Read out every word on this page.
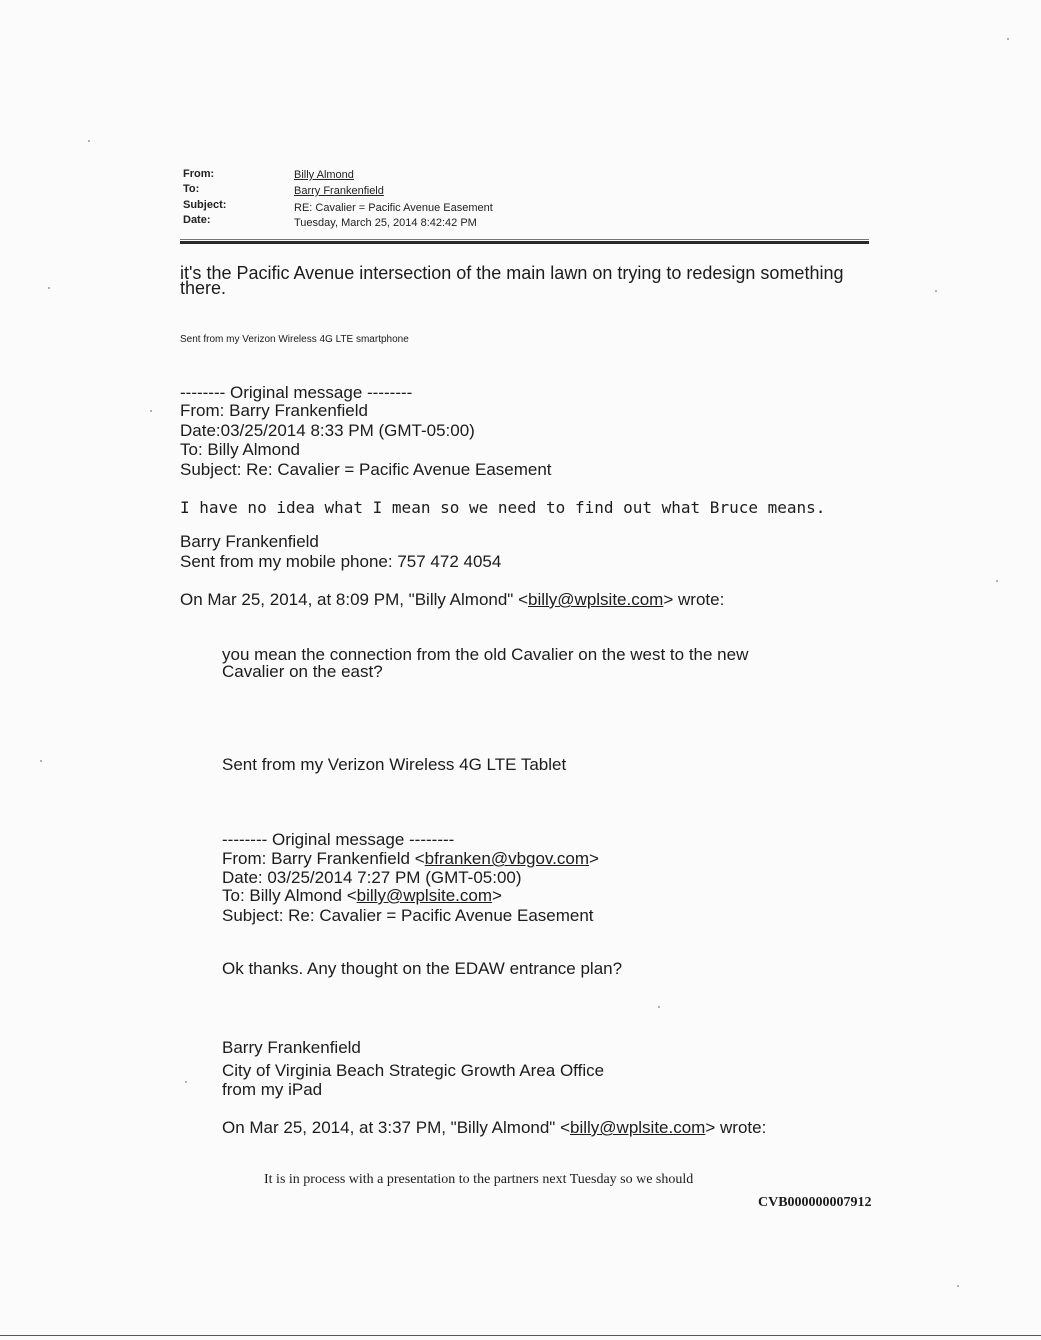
From:	Billy Almond
To:	Barry Frankenfield
Subject:	RE: Cavalier = Pacific Avenue Easement
Date:	Tuesday, March 25, 2014 8:42:42 PM
it's the Pacific Avenue intersection of the main lawn on trying to redesign something
there.
Sent from my Verizon Wireless 4G LTE smartphone
-------- Original message --------
From: Barry Frankenfield
Date:03/25/2014 8:33 PM (GMT-05:00)
To: Billy Almond
Subject: Re: Cavalier = Pacific Avenue Easement
I have no idea what I mean so we need to find out what Bruce means.
Barry Frankenfield
Sent from my mobile phone: 757 472 4054
On Mar 25, 2014, at 8:09 PM, "Billy Almond" <billy@wplsite.com> wrote:
you mean the connection from the old Cavalier on the west to the new
Cavalier on the east?
Sent from my Verizon Wireless 4G LTE Tablet
-------- Original message --------
From: Barry Frankenfield <bfranken@vbgov.com>
Date: 03/25/2014 7:27 PM (GMT-05:00)
To: Billy Almond <billy@wplsite.com>
Subject: Re: Cavalier = Pacific Avenue Easement
Ok thanks. Any thought on the EDAW entrance plan?
Barry Frankenfield
City of Virginia Beach Strategic Growth Area Office
from my iPad
On Mar 25, 2014, at 3:37 PM, "Billy Almond" <billy@wplsite.com> wrote:
It is in process with a presentation to the partners next Tuesday so we should
CVB000000007912
